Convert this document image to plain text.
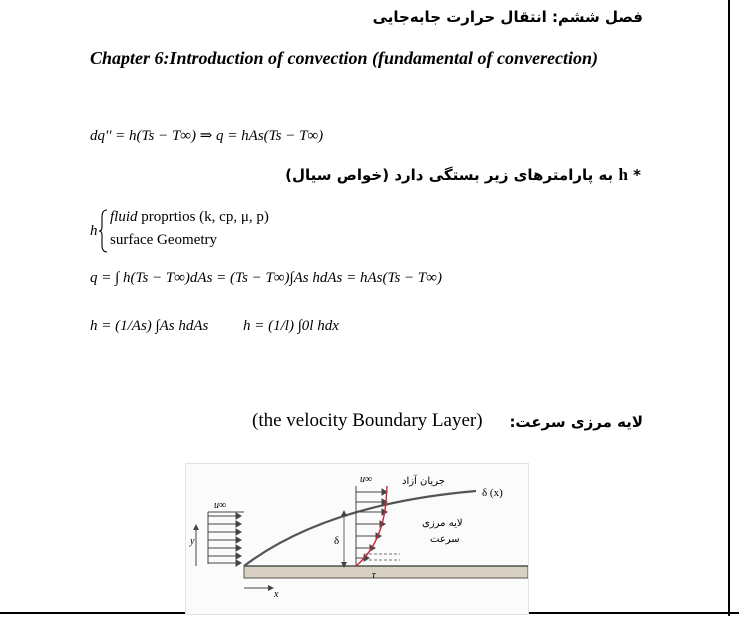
فصل ششم: انتقال حرارت جابه‌جایی
Chapter 6:Introduction of convection (fundamental of converection)
dq'' = h(Ts − T∞) ⇒ q = hAs(Ts − T∞)
* h به پارامترهای زیر بستگی دارد (خواص سیال)
h
fluid proprtios (k, cp, μ, p)
surface Geometry
q = ∫ h(Ts − T∞)dAs = (Ts − T∞)∫As hdAs = hAs(Ts − T∞)
h = (1/As) ∫As hdAs h = (1/l) ∫0l hdx
لایه مرزی سرعت:
(the velocity Boundary Layer)
u∞
y
x
δ (x)
u∞
δ
τ
جریان آزاد
لایه مرزی
سرعت
